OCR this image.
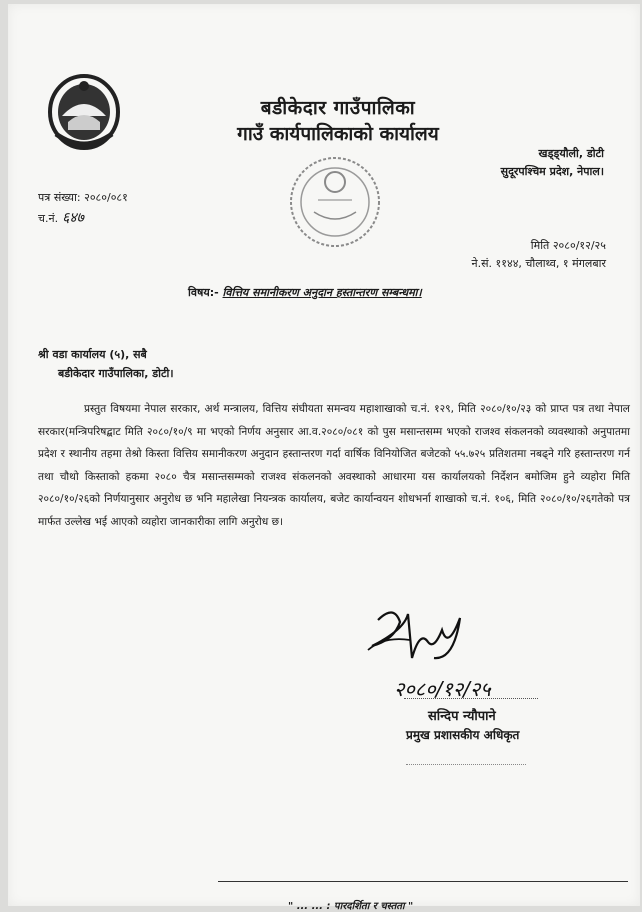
बडीकेदार गाउँपालिका
गाउँ कार्यपालिकाको कार्यालय
खड्ड्यौली, डोटी
सुदूरपश्चिम प्रदेश, नेपाल।
पत्र संख्या: २०८०/०८१
च.नं. ६४७
मिति २०८०/१२/२५
ने.सं. ११४४, चौलाथ्व, १ मंगलबार
विषय:- वित्तिय समानीकरण अनुदान हस्तान्तरण सम्बन्धमा।
श्री वडा कार्यालय (५), सबै
बडीकेदार गाउँपालिका, डोटी।

प्रस्तुत विषयमा नेपाल सरकार, अर्थ मन्त्रालय, वित्तिय संघीयता समन्वय महाशाखाको च.नं. १२९, मिति २०८०/१०/२३ को प्राप्त पत्र तथा नेपाल सरकार(मन्त्रिपरिषद्बाट मिति २०८०/१०/९ मा भएको निर्णय अनुसार आ.व.२०८०/०८१ को पुस मसान्तसम्म भएको राजश्व संकलनको व्यवस्थाको अनुपातमा प्रदेश र स्थानीय तहमा तेश्रो किस्ता वित्तिय समानीकरण अनुदान हस्तान्तरण गर्दा वार्षिक विनियोजित बजेटको ५५.७२५ प्रतिशतमा नबढ्ने गरि हस्तान्तरण गर्न तथा चौथो किस्ताको हकमा २०८० चैत्र मसान्तसम्मको राजश्व संकलनको अवस्थाको आधारमा यस कार्यालयको निर्देशन बमोजिम हुने व्यहोरा मिति २०८०/१०/२६को निर्णयानुसार अनुरोध छ भनि महालेखा नियन्त्रक कार्यालय, बजेट कार्यान्वयन शोधभर्ना शाखाको च.नं. १०६, मिति २०८०/१०/२६गतेको पत्र मार्फत उल्लेख भई आएको व्यहोरा जानकारीका लागि अनुरोध छ।

२०८०/१२/२५
सन्दिप न्यौपाने
प्रमुख प्रशासकीय अधिकृत
" ... ... : पारदर्शिता र चस्तता "
